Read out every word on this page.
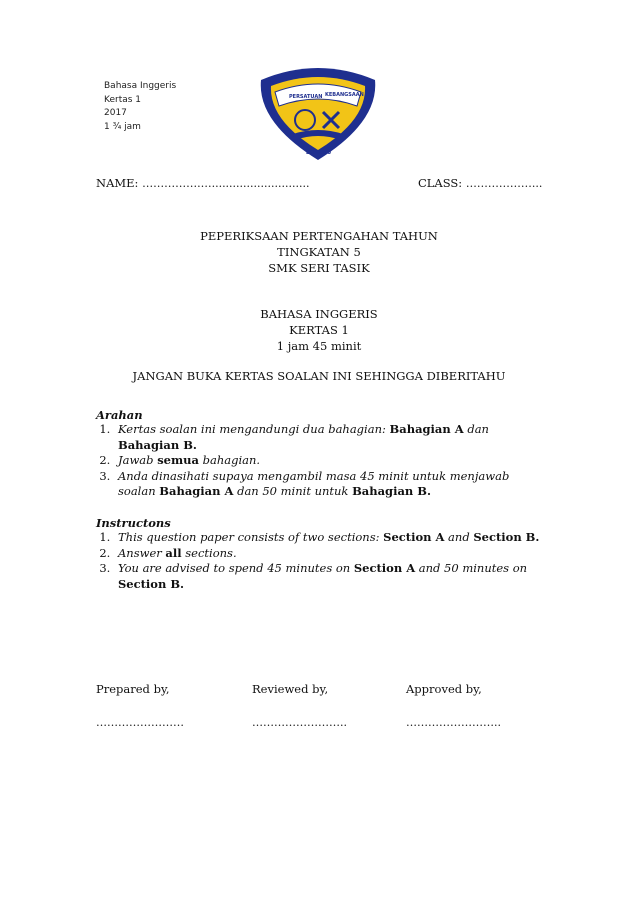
Bahasa Inggeris
Kertas 1
2017
1 ¾ jam
PERSATUAN KEBANGSAAN
BERILMU
NAME: …………….…............................	CLASS: ………………...
PEPERIKSAAN PERTENGAHAN TAHUN
TINGKATAN 5
SMK SERI TASIK
BAHASA INGGERIS
KERTAS 1
1 jam 45 minit
JANGAN BUKA KERTAS SOALAN INI SEHINGGA DIBERITAHU
Arahan
1. Kertas soalan ini mengandungi dua bahagian: Bahagian A dan Bahagian B.
2. Jawab semua bahagian.
3. Anda dinasihati supaya mengambil masa 45 minit untuk menjawab soalan Bahagian A dan 50 minit untuk Bahagian B.
Instructons
1. This question paper consists of two sections: Section A and Section B.
2. Answer all sections.
3. You are advised to spend 45 minutes on Section A and 50 minutes on Section B.
Prepared by,	Reviewed by,	Approved by,
……………………	……………………..	……………………..
